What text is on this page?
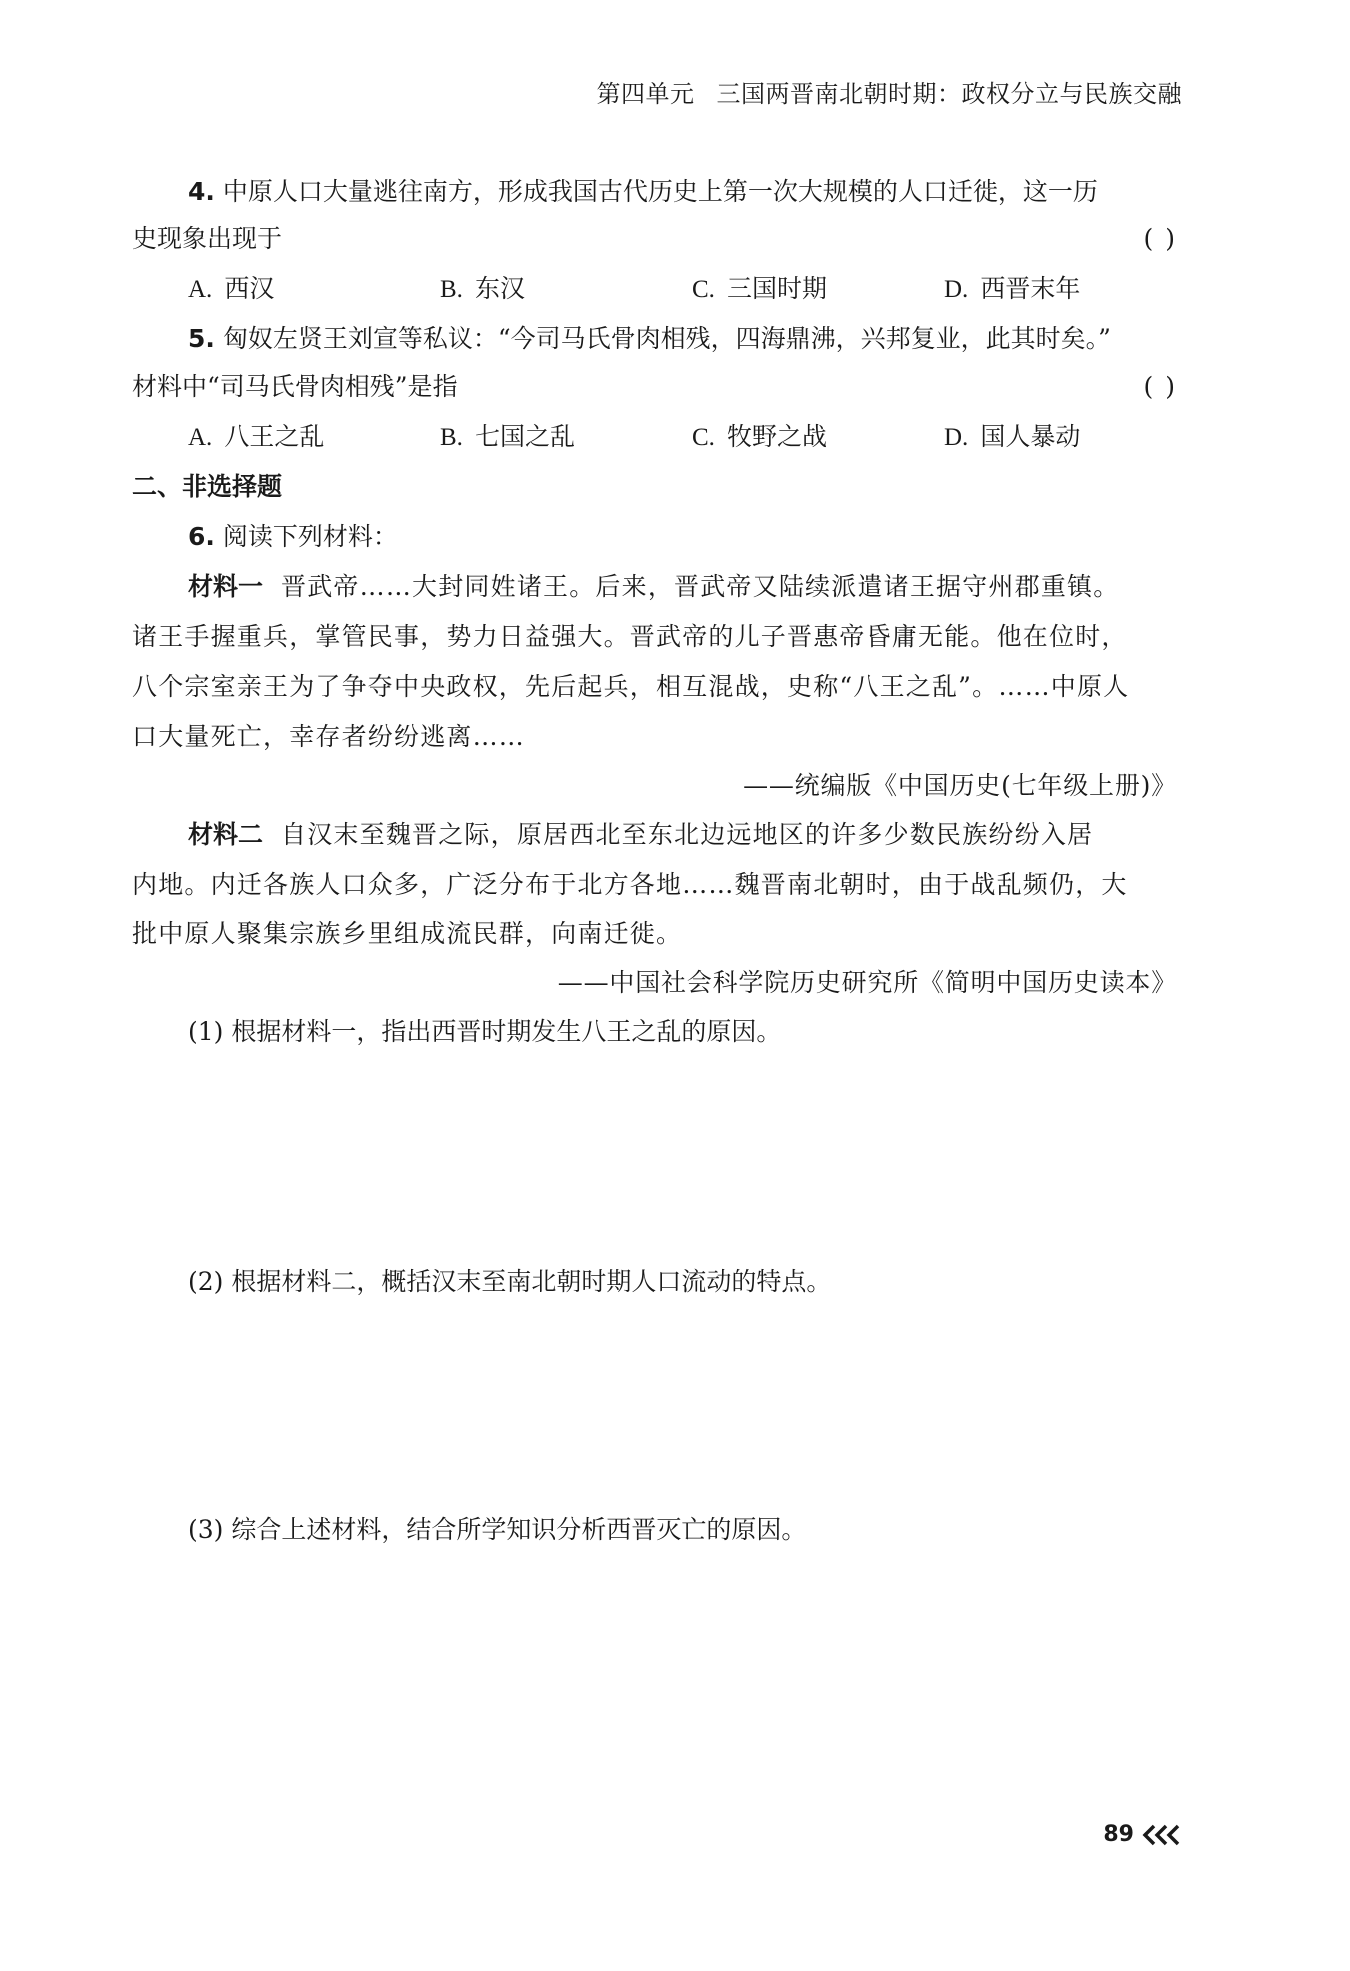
第四单元 三国两晋南北朝时期：政权分立与民族交融
4. 中原人口大量逃往南方，形成我国古代历史上第一次大规模的人口迁徙，这一历
史现象出现于	( )
A. 西汉	B. 东汉	C. 三国时期	D. 西晋末年
5. 匈奴左贤王刘宣等私议：“今司马氏骨肉相残，四海鼎沸，兴邦复业，此其时矣。”
材料中“司马氏骨肉相残”是指	( )
A. 八王之乱	B. 七国之乱	C. 牧野之战	D. 国人暴动
二、非选择题
6. 阅读下列材料：
材料一 晋武帝……大封同姓诸王。后来，晋武帝又陆续派遣诸王据守州郡重镇。
诸王手握重兵，掌管民事，势力日益强大。晋武帝的儿子晋惠帝昏庸无能。他在位时，
八个宗室亲王为了争夺中央政权，先后起兵，相互混战，史称“八王之乱”。……中原人
口大量死亡，幸存者纷纷逃离……
——统编版《中国历史(七年级上册)》
材料二 自汉末至魏晋之际，原居西北至东北边远地区的许多少数民族纷纷入居
内地。内迁各族人口众多，广泛分布于北方各地……魏晋南北朝时，由于战乱频仍，大
批中原人聚集宗族乡里组成流民群，向南迁徙。
——中国社会科学院历史研究所《简明中国历史读本》
(1) 根据材料一，指出西晋时期发生八王之乱的原因。
(2) 根据材料二，概括汉末至南北朝时期人口流动的特点。
(3) 综合上述材料，结合所学知识分析西晋灭亡的原因。
89
